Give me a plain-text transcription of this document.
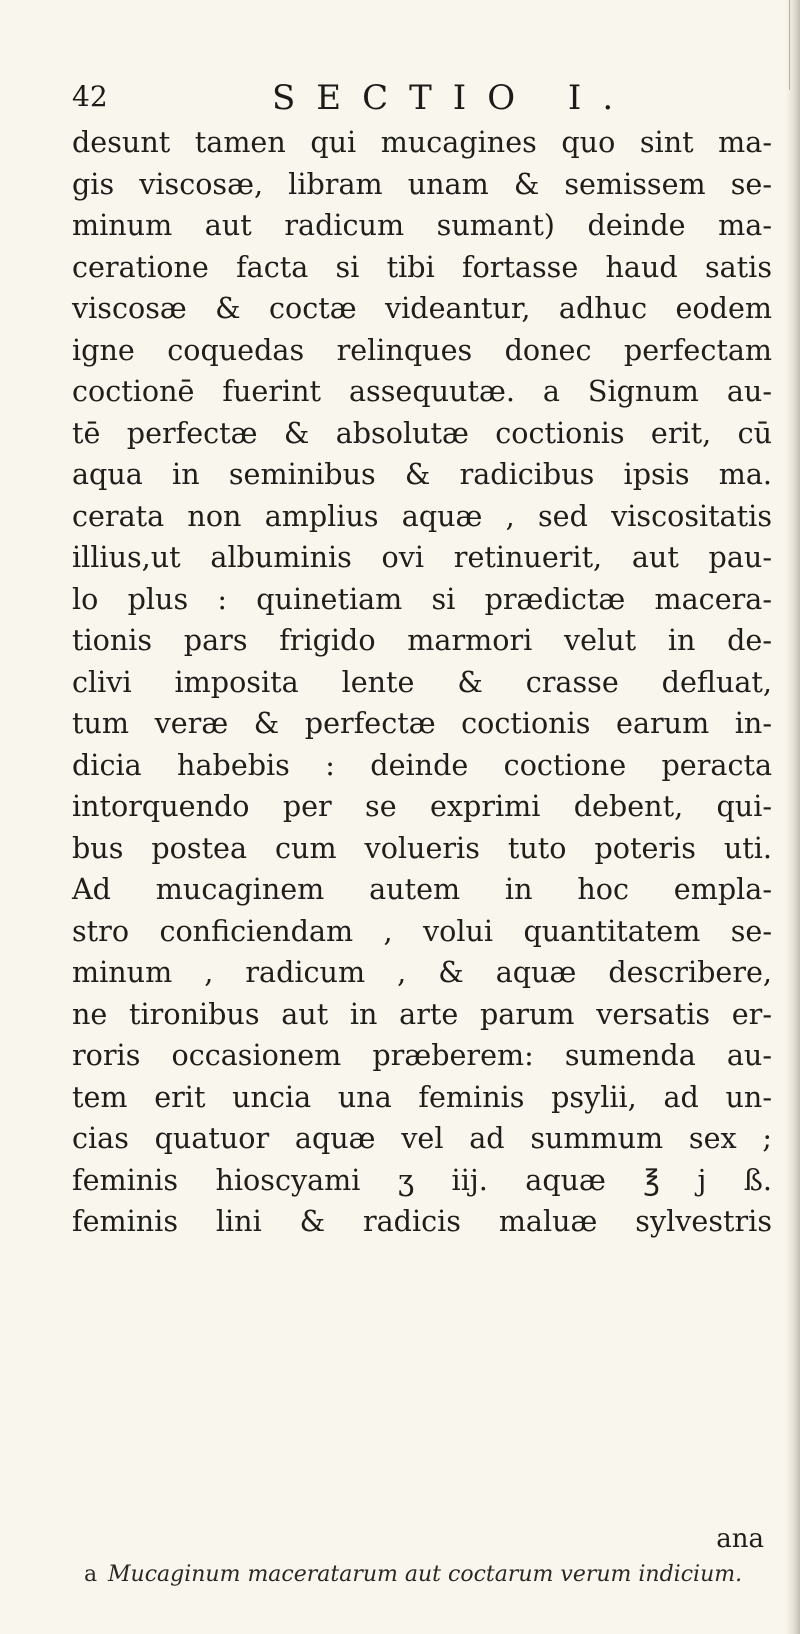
42	SECTIO I.
desunt tamen qui mucagines quo sint ma-
gis viscosæ, libram unam & semissem se-
minum aut radicum sumant) deinde ma-
ceratione facta si tibi fortasse haud satis
viscosæ & coctæ videantur, adhuc eodem
igne coquedas relinques donec perfectam
coctionē fuerint assequutæ. a Signum au-
tē perfectæ & absolutæ coctionis erit, cū
aqua in seminibus & radicibus ipsis ma.
cerata non amplius aquæ , sed viscositatis
illius,ut albuminis ovi retinuerit, aut pau-
lo plus : quinetiam si prædictæ macera-
tionis pars frigido marmori velut in de-
clivi imposita lente & crasse defluat,
tum veræ & perfectæ coctionis earum in-
dicia habebis : deinde coctione peracta
intorquendo per se exprimi debent, qui-
bus postea cum volueris tuto poteris uti.
Ad mucaginem autem in hoc empla-
stro conficiendam , volui quantitatem se-
minum , radicum , & aquæ describere,
ne tironibus aut in arte parum versatis er-
roris occasionem præberem: sumenda au-
tem erit uncia una feminis psylii, ad un-
cias quatuor aquæ vel ad summum sex ;
feminis hioscyami ʒ iij. aquæ ℥ j ß.
feminis lini & radicis maluæ sylvestris
ana
a Mucaginum maceratarum aut coctarum verum indicium.
